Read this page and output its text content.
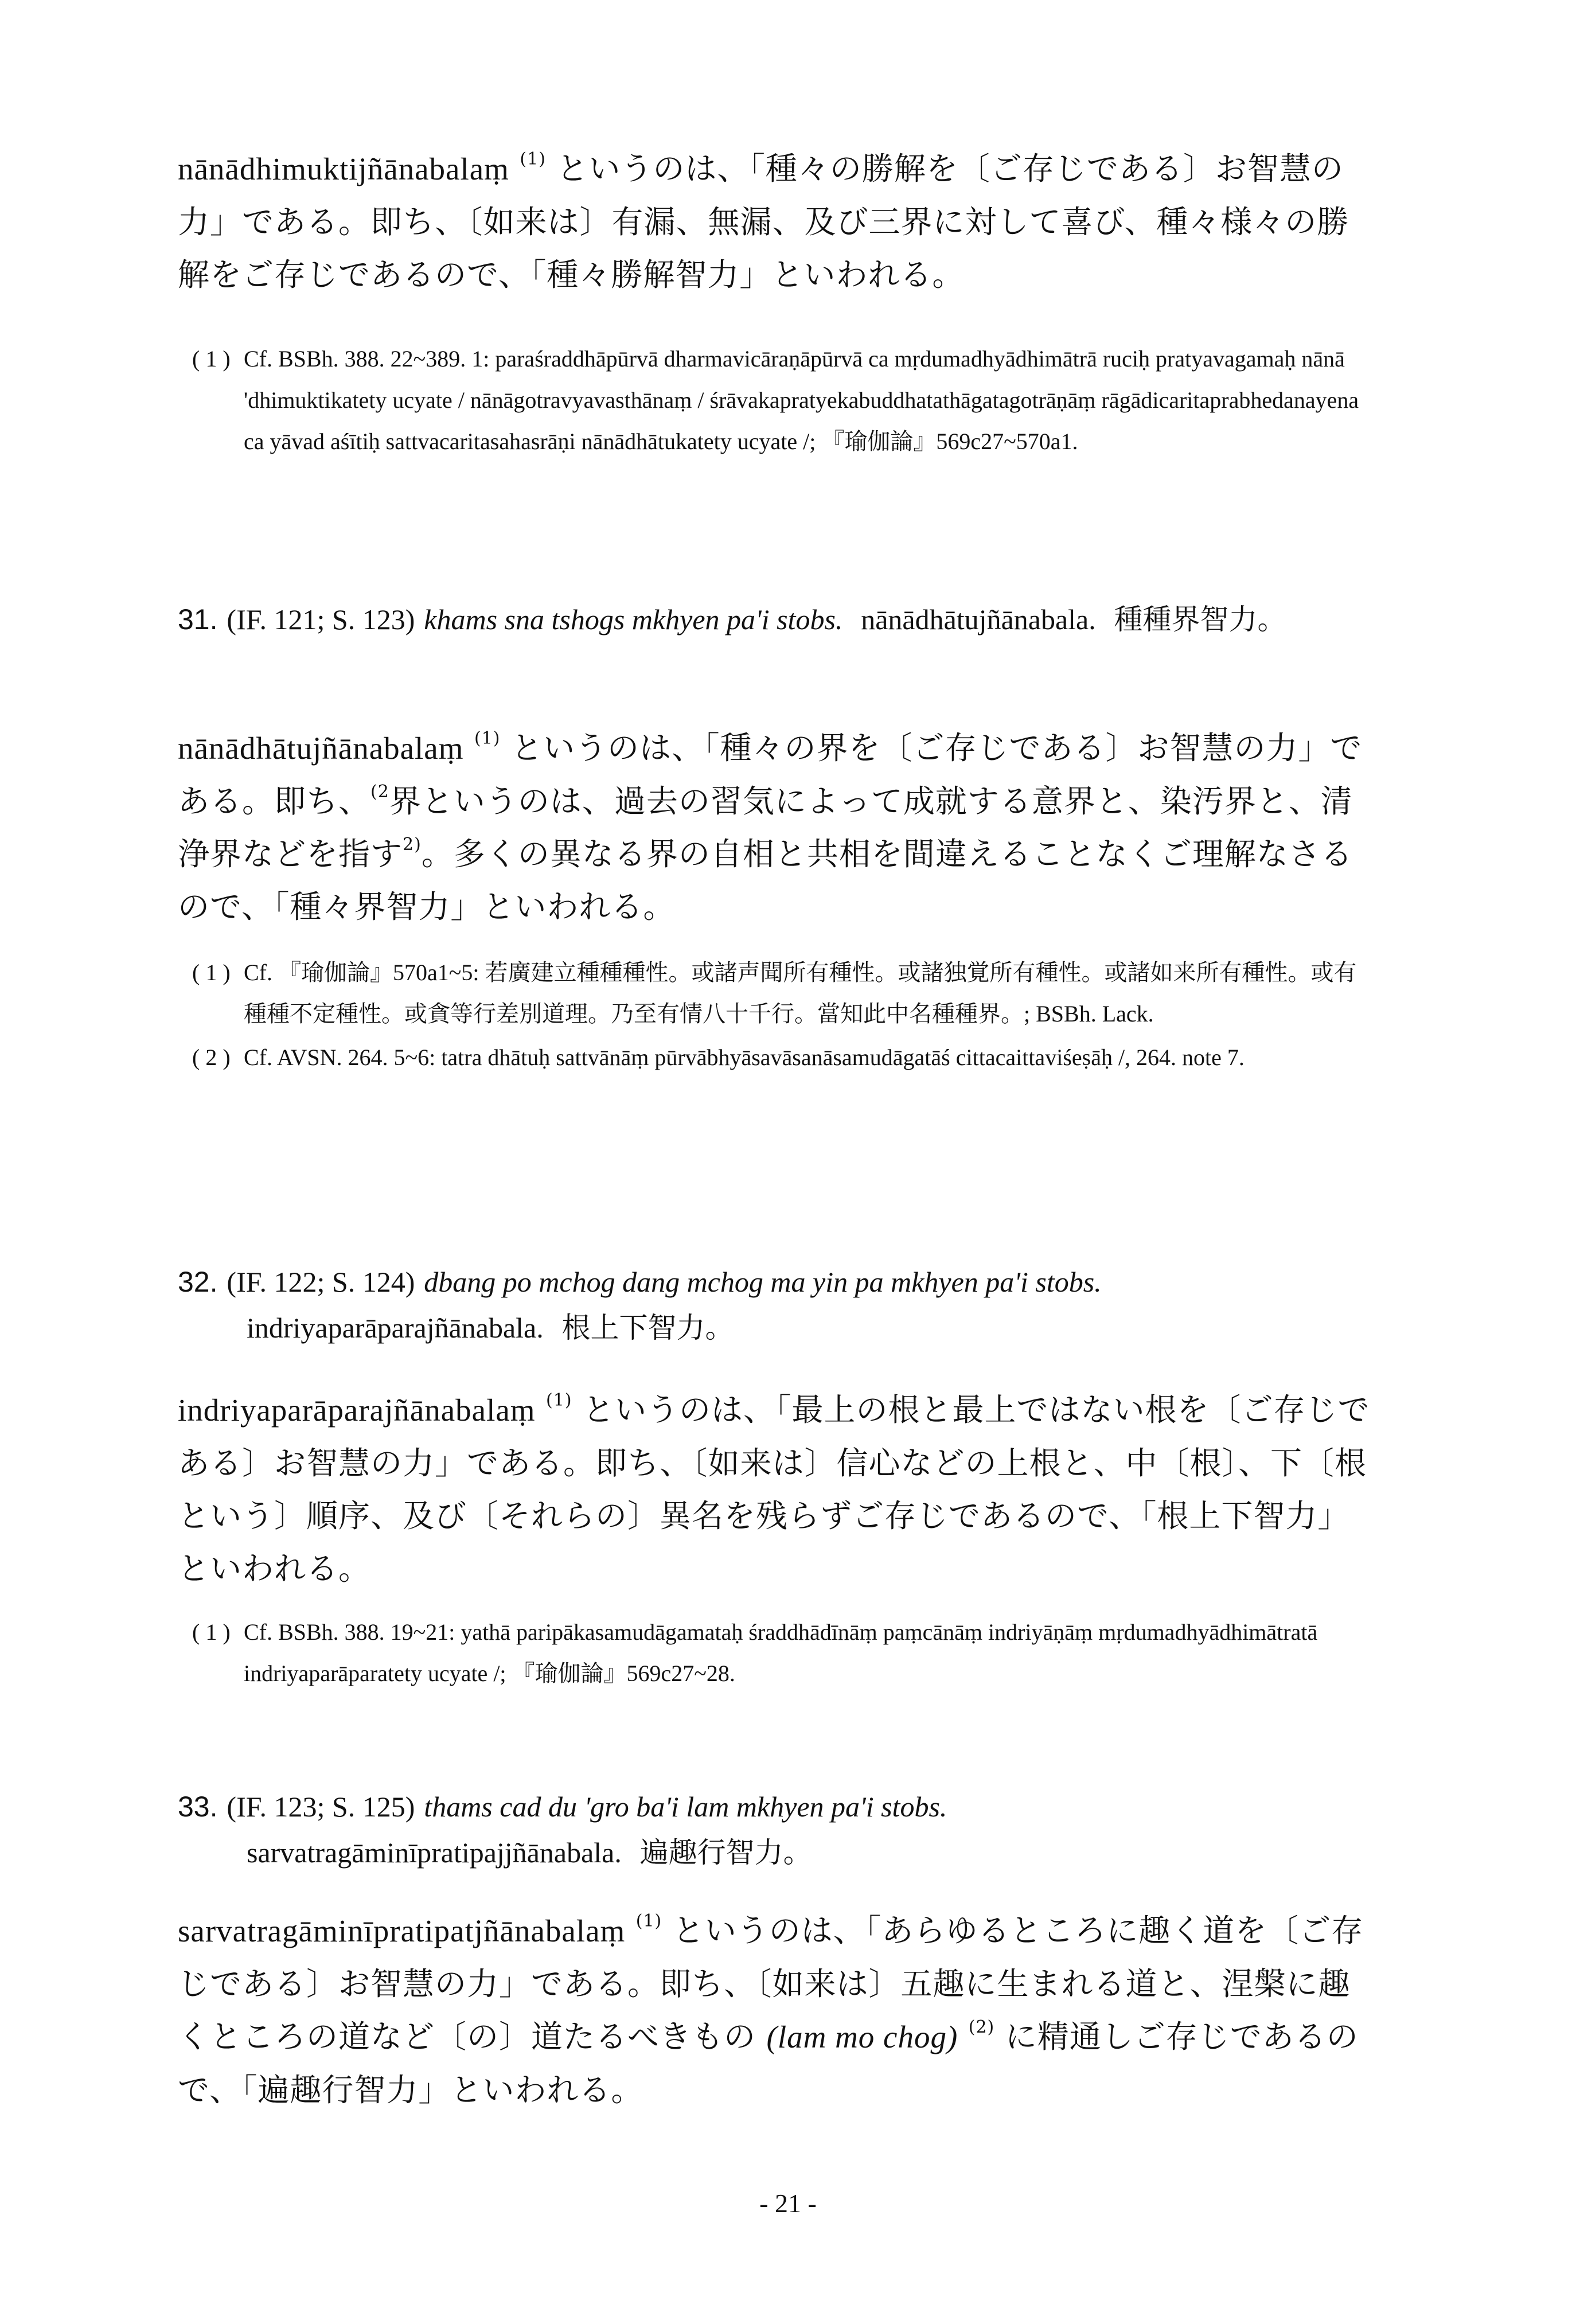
nānādhimuktijñānabalaṃ $^{(1)}$ というのは、「種々の勝解を〔ご存じである〕お智慧の力」である。即ち、〔如来は〕有漏、無漏、及び三界に対して喜び、種々様々の勝解をご存じであるので、「種々勝解智力」といわれる。

( 1 ) Cf. BSBh. 388. 22~389. 1: paraśraddhāpūrvā dharmavicāraṇāpūrvā ca mṛdumadhyādhimātrā ruciḥ pratyavagamaḥ nānā 'dhimuktikatety ucyate / nānāgotravyavasthānaṃ / śrāvakapratyekabuddhatathāgatagotrāṇāṃ rāgādicaritaprabhedanayena ca yāvad aśītiḥ sattvacaritasahasrāṇi nānādhātukatety ucyate /; 『瑜伽論』569c27~570a1.
31. (IF. 121; S. 123) khams sna tshogs mkhyen pa'i stobs. nānādhātujñānabala. 種種界智力。

nānādhātujñānabalaṃ $^{(1)}$ というのは、「種々の界を〔ご存じである〕お智慧の力」である。即ち、$^{(2}$界というのは、過去の習気によって成就する意界と、染汚界と、清浄界などを指す$^{2)}$。多くの異なる界の自相と共相を間違えることなくご理解なさるので、「種々界智力」といわれる。

( 1 ) Cf. 『瑜伽論』570a1~5: 若廣建立種種種性。或諸声聞所有種性。或諸独覚所有種性。或諸如来所有種性。或有種種不定種性。或貪等行差別道理。乃至有情八十千行。當知此中名種種界。; BSBh. Lack.
( 2 ) Cf. AVSN. 264. 5~6: tatra dhātuḥ sattvānāṃ pūrvābhyāsavāsanāsamudāgatāś cittacaittaviśeṣāḥ /, 264. note 7.
32. (IF. 122; S. 124) dbang po mchog dang mchog ma yin pa mkhyen pa'i stobs.
indriyaparāparajñānabala. 根上下智力。

indriyaparāparajñānabalaṃ $^{(1)}$ というのは、「最上の根と最上ではない根を〔ご存じである〕お智慧の力」である。即ち、〔如来は〕信心などの上根と、中〔根〕、下〔根という〕順序、及び〔それらの〕異名を残らずご存じであるので、「根上下智力」といわれる。

( 1 ) Cf. BSBh. 388. 19~21: yathā paripākasamudāgamataḥ śraddhādīnāṃ paṃcānāṃ indriyāṇāṃ mṛdumadhyādhimātratā indriyaparāparatety ucyate /; 『瑜伽論』569c27~28.
33. (IF. 123; S. 125) thams cad du 'gro ba'i lam mkhyen pa'i stobs.
sarvatragāminīpratipajjñānabala. 遍趣行智力。

sarvatragāminīpratipatjñānabalaṃ $^{(1)}$ というのは、「あらゆるところに趣く道を〔ご存じである〕お智慧の力」である。即ち、〔如来は〕五趣に生まれる道と、涅槃に趣くところの道など〔の〕道たるべきもの (lam mo chog) $^{(2)}$ に精通しご存じであるので、「遍趣行智力」といわれる。

- 21 -
